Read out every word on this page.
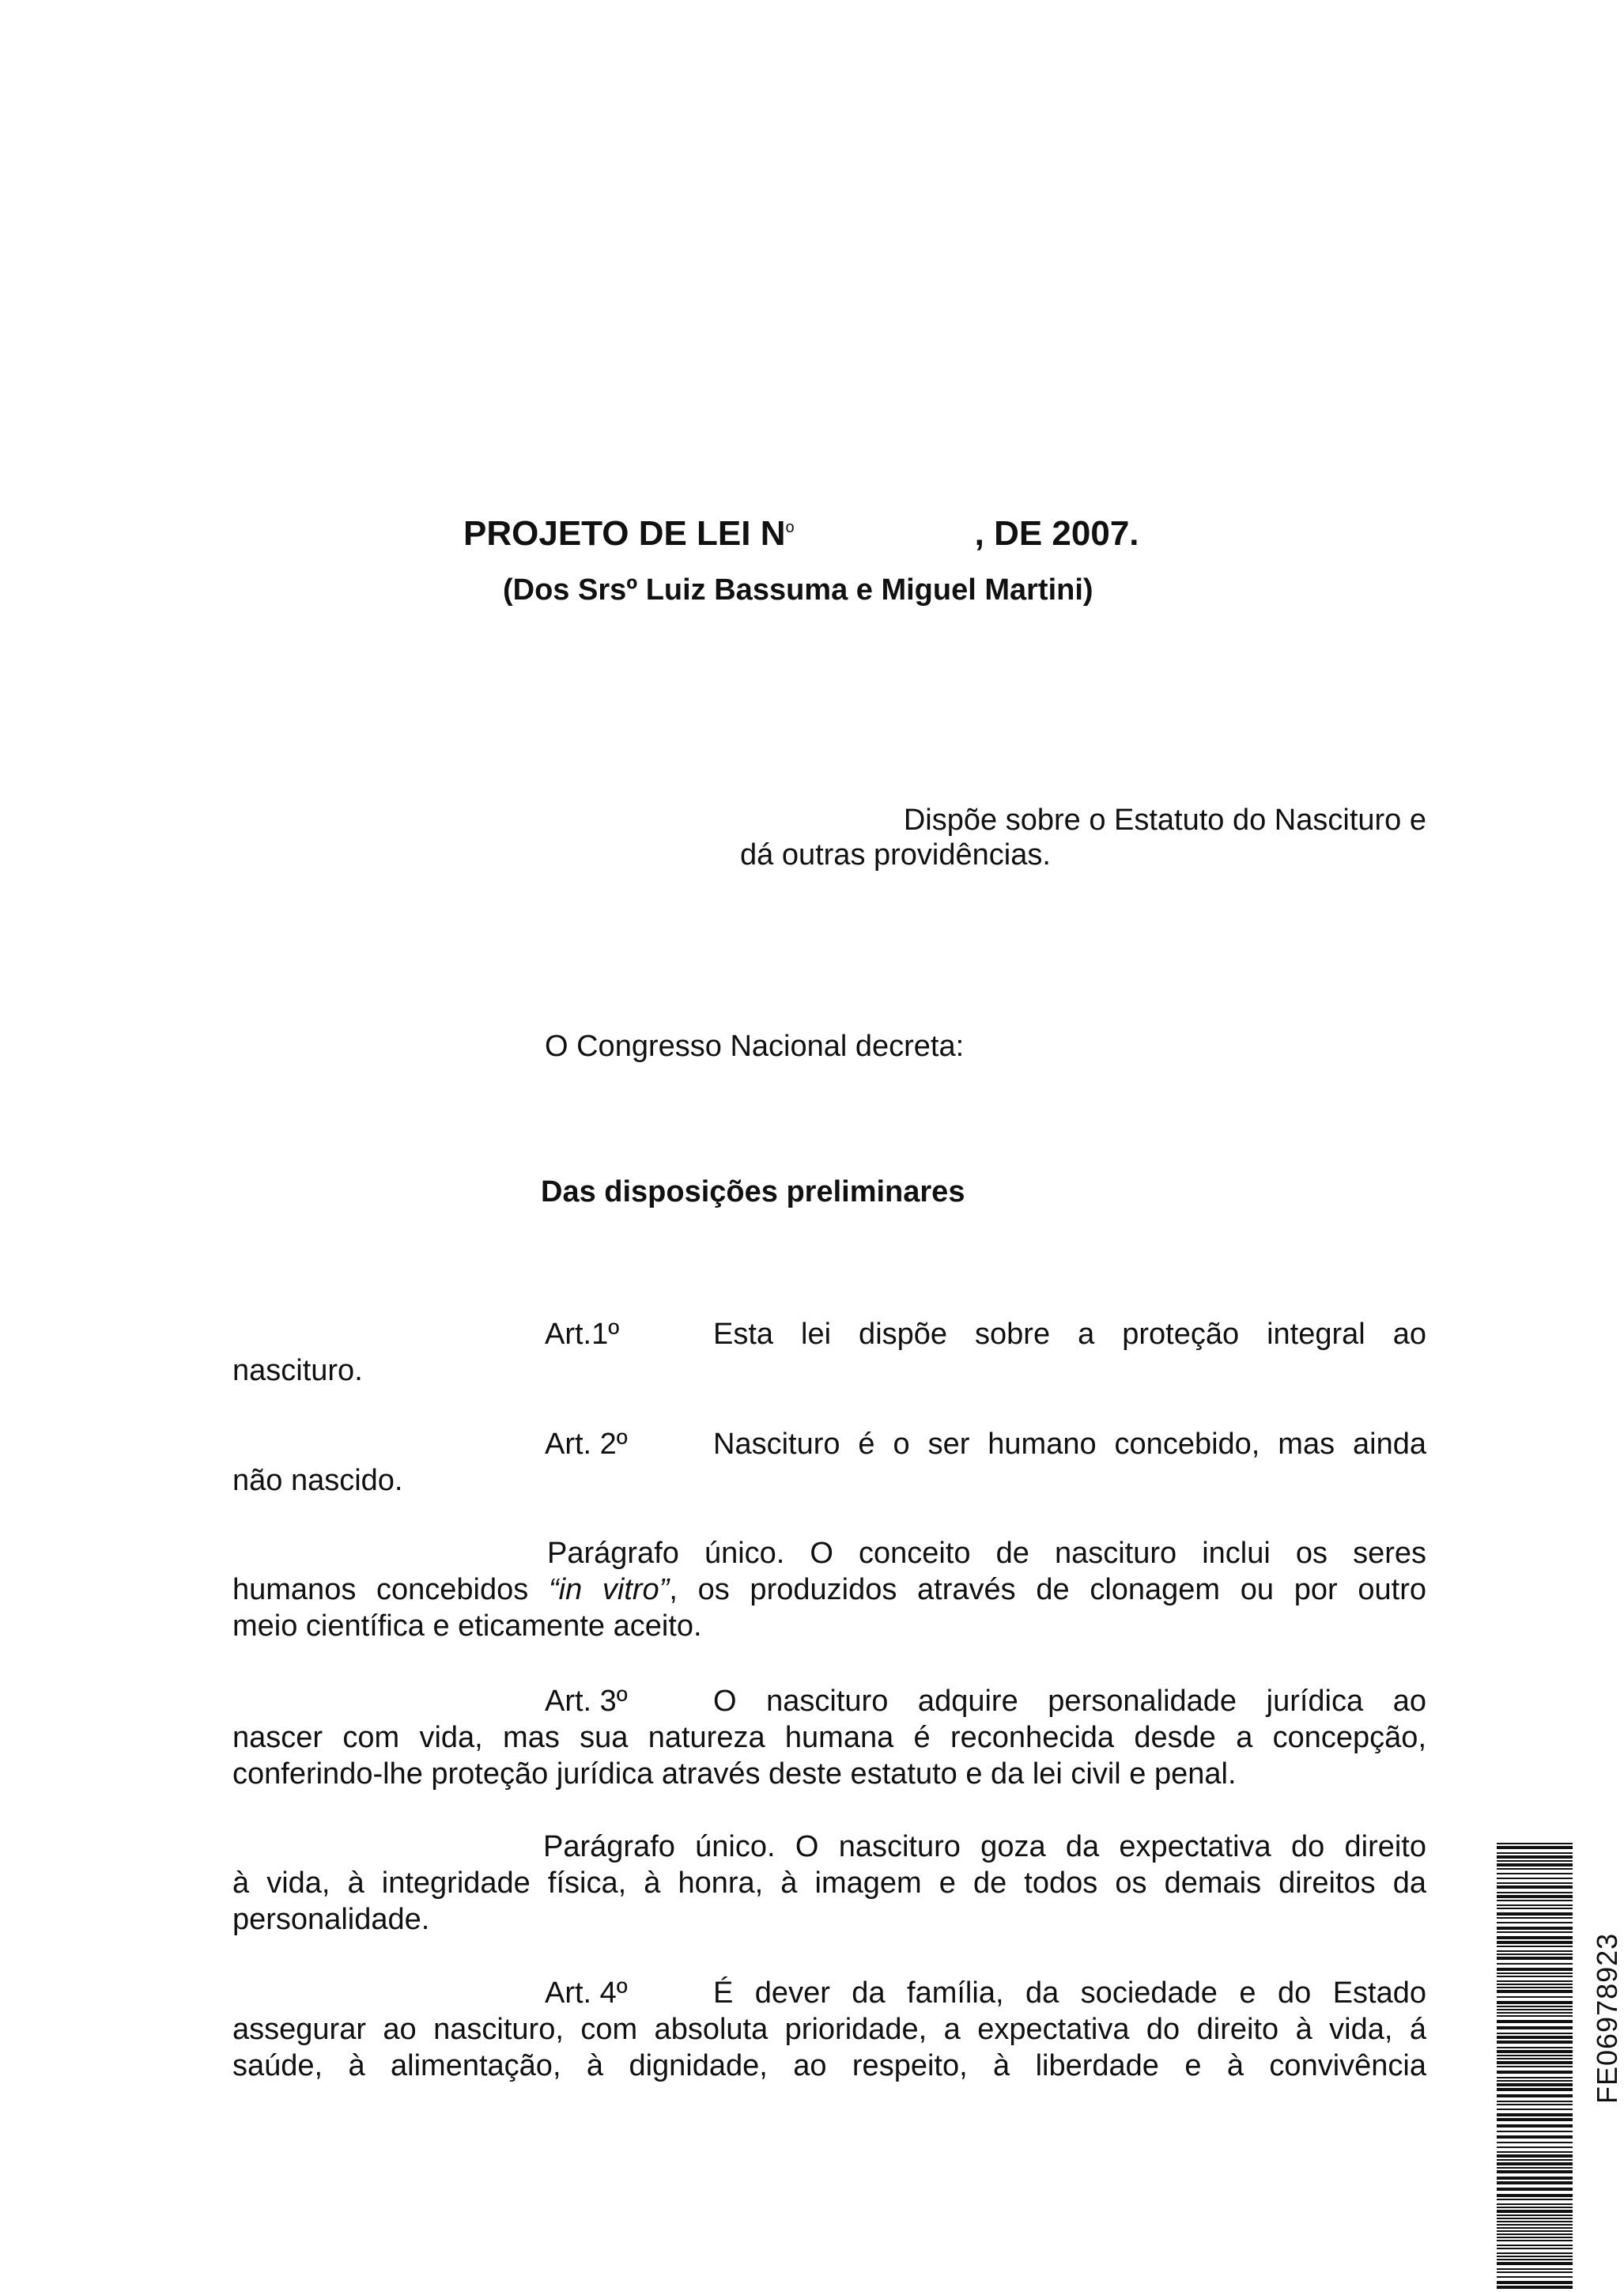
PROJETO DE LEI $N^o$	, DE 2007.
(Dos Srsº Luiz Bassuma e Miguel Martini)
Dispõe sobre o Estatuto do Nascituro e
dá outras providências.
O Congresso Nacional decreta:
Das disposições preliminares
Art.1º	Esta lei dispõe sobre a proteção integral ao
nascituro.
Art. 2º	Nascituro é o ser humano concebido, mas ainda
não nascido.
Parágrafo único. O conceito de nascituro inclui os seres
humanos concebidos “in vitro”, os produzidos através de clonagem ou por outro
meio científica e eticamente aceito.
Art. 3º	O nascituro adquire personalidade jurídica ao
nascer com vida, mas sua natureza humana é reconhecida desde a concepção,
conferindo-lhe proteção jurídica através deste estatuto e da lei civil e penal.
Parágrafo único. O nascituro goza da expectativa do direito
à vida, à integridade física, à honra, à imagem e de todos os demais direitos da
personalidade.
Art. 4º	É dever da família, da sociedade e do Estado
assegurar ao nascituro, com absoluta prioridade, a expectativa do direito à vida, á
saúde, à alimentação, à dignidade, ao respeito, à liberdade e à convivência	FE06978923
